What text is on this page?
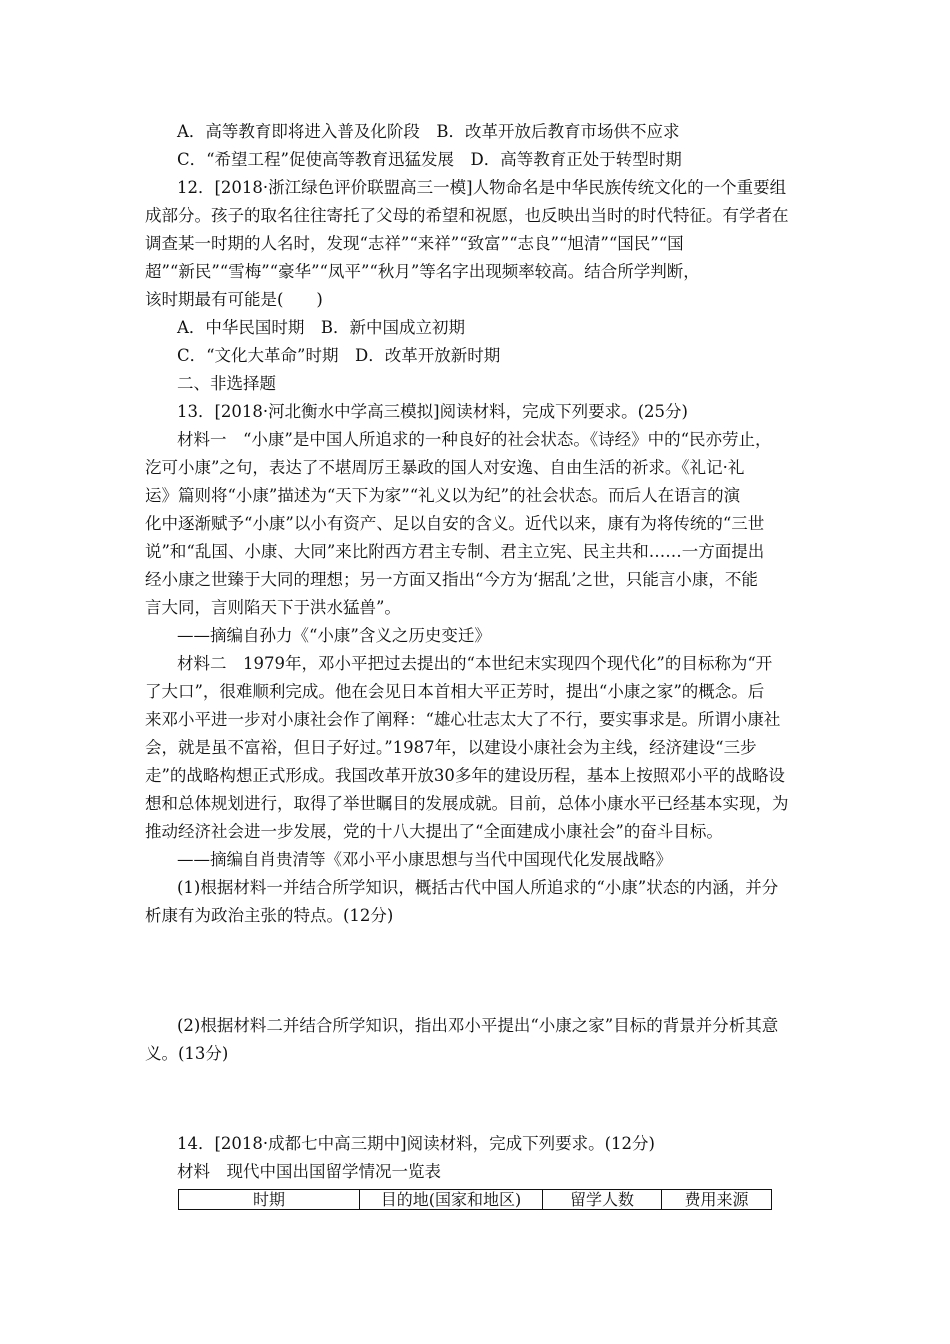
A．高等教育即将进入普及化阶段　B．改革开放后教育市场供不应求
C．“希望工程”促使高等教育迅猛发展　D．高等教育正处于转型时期
12．[2018·浙江绿色评价联盟高三一模]人物命名是中华民族传统文化的一个重要组
成部分。孩子的取名往往寄托了父母的希望和祝愿，也反映出当时的时代特征。有学者在
调查某一时期的人名时，发现“志祥”“来祥”“致富”“志良”“旭清”“国民”“国
超”“新民”“雪梅”“豪华”“凤平”“秋月”等名字出现频率较高。结合所学判断，
该时期最有可能是(　　)
A．中华民国时期　B．新中国成立初期
C．“文化大革命”时期　D．改革开放新时期
二、非选择题
13．[2018·河北衡水中学高三模拟]阅读材料，完成下列要求。(25分)
材料一　“小康”是中国人所追求的一种良好的社会状态。《诗经》中的“民亦劳止，
汔可小康”之句，表达了不堪周厉王暴政的国人对安逸、自由生活的祈求。《礼记·礼
运》篇则将“小康”描述为“天下为家”“礼义以为纪”的社会状态。而后人在语言的演
化中逐渐赋予“小康”以小有资产、足以自安的含义。近代以来，康有为将传统的“三世
说”和“乱国、小康、大同”来比附西方君主专制、君主立宪、民主共和……一方面提出
经小康之世臻于大同的理想；另一方面又指出“今方为‘据乱’之世，只能言小康，不能
言大同，言则陷天下于洪水猛兽”。
——摘编自孙力《“小康”含义之历史变迁》
材料二　1979年，邓小平把过去提出的“本世纪末实现四个现代化”的目标称为“开
了大口”，很难顺利完成。他在会见日本首相大平正芳时，提出“小康之家”的概念。后
来邓小平进一步对小康社会作了阐释：“雄心壮志太大了不行，要实事求是。所谓小康社
会，就是虽不富裕，但日子好过。”1987年，以建设小康社会为主线，经济建设“三步
走”的战略构想正式形成。我国改革开放30多年的建设历程，基本上按照邓小平的战略设
想和总体规划进行，取得了举世瞩目的发展成就。目前，总体小康水平已经基本实现，为
推动经济社会进一步发展，党的十八大提出了“全面建成小康社会”的奋斗目标。
——摘编自肖贵清等《邓小平小康思想与当代中国现代化发展战略》
(1)根据材料一并结合所学知识，概括古代中国人所追求的“小康”状态的内涵，并分
析康有为政治主张的特点。(12分)
(2)根据材料二并结合所学知识，指出邓小平提出“小康之家”目标的背景并分析其意
义。(13分)
14．[2018·成都七中高三期中]阅读材料，完成下列要求。(12分)
材料　现代中国出国留学情况一览表
时期	目的地(国家和地区)	留学人数	费用来源
